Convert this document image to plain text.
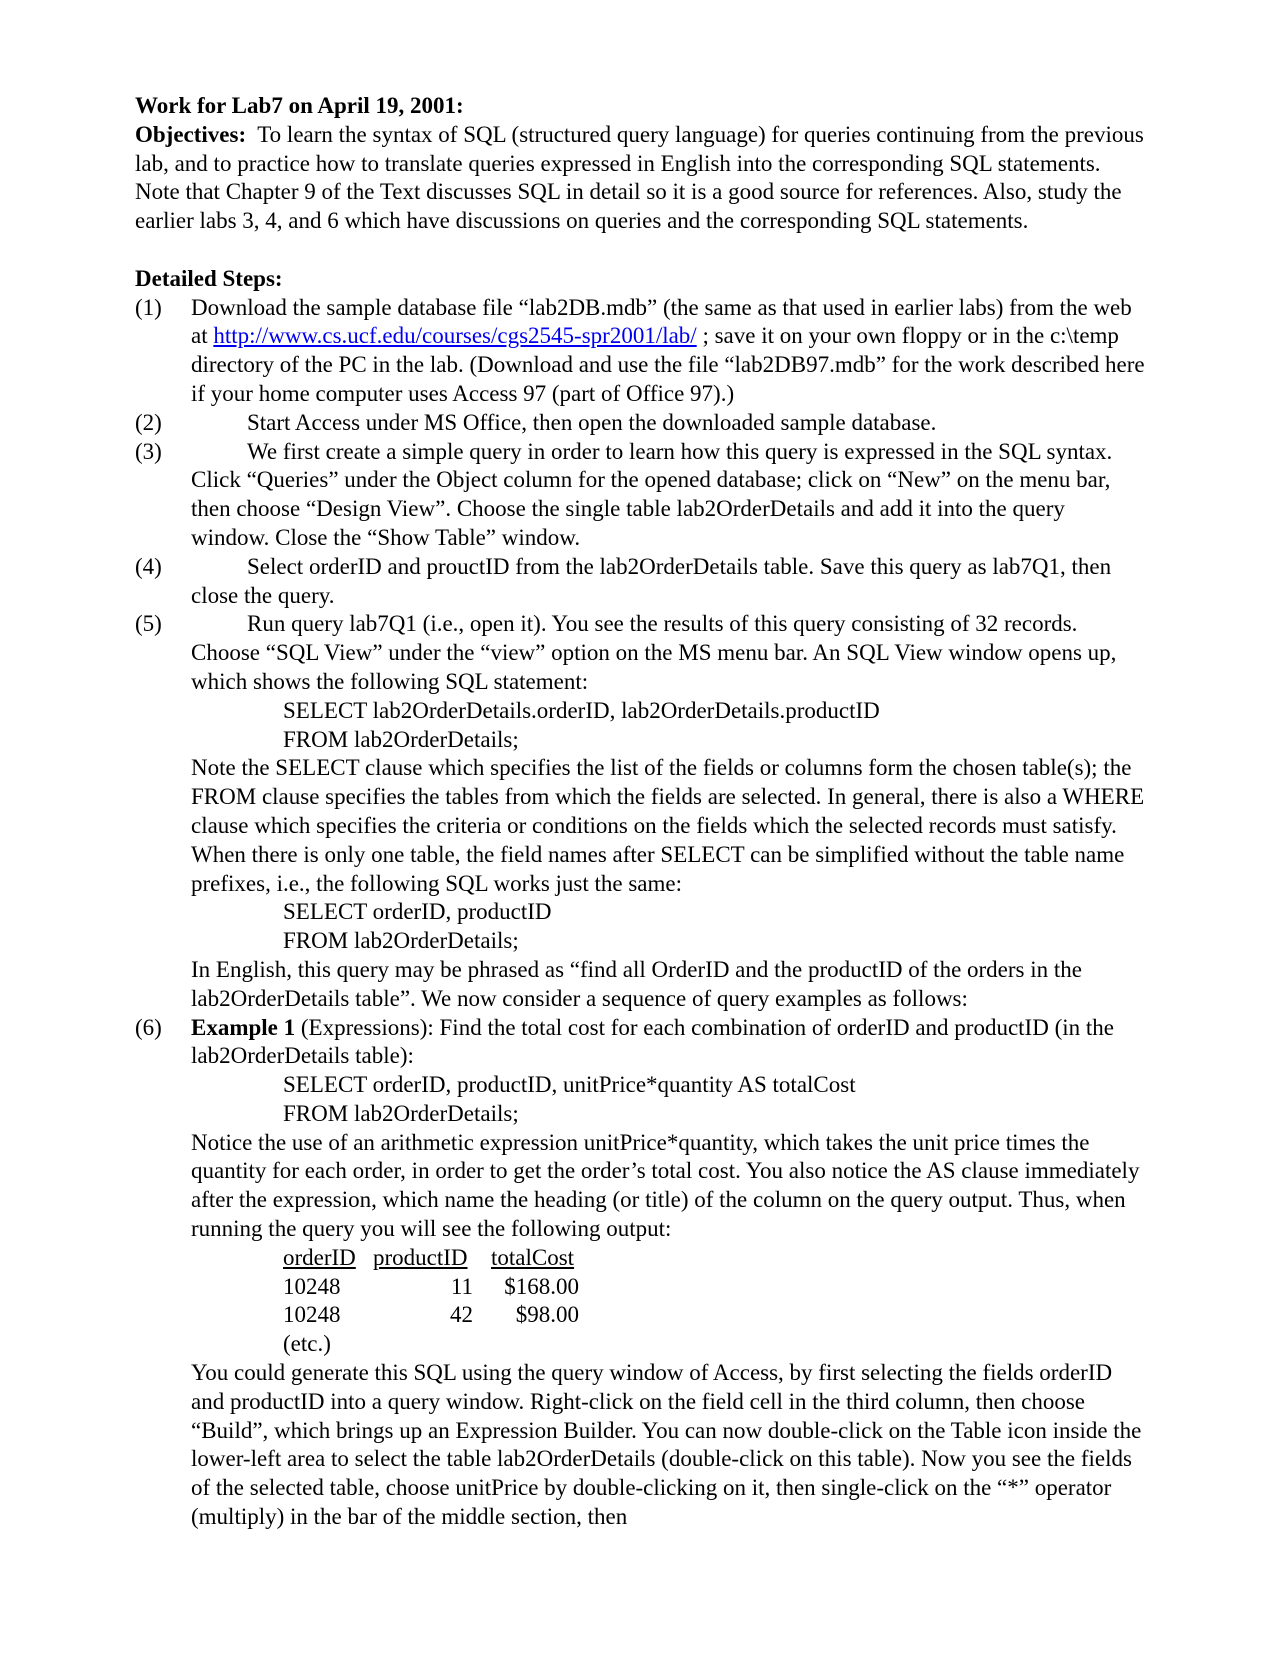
Work for Lab7 on April 19, 2001:

Objectives: To learn the syntax of SQL (structured query language) for queries continuing from the previous lab, and to practice how to translate queries expressed in English into the corresponding SQL statements. Note that Chapter 9 of the Text discusses SQL in detail so it is a good source for references. Also, study the earlier labs 3, 4, and 6 which have discussions on queries and the corresponding SQL statements.

Detailed Steps:
(1) Download the sample database file “lab2DB.mdb” (the same as that used in earlier labs) from the web at http://www.cs.ucf.edu/courses/cgs2545-spr2001/lab/ ; save it on your own floppy or in the c:\temp directory of the PC in the lab. (Download and use the file “lab2DB97.mdb” for the work described here if your home computer uses Access 97 (part of Office 97).)
(2)	Start Access under MS Office, then open the downloaded sample database.
(3)	We first create a simple query in order to learn how this query is expressed in the SQL syntax. Click “Queries” under the Object column for the opened database; click on “New” on the menu bar, then choose “Design View”. Choose the single table lab2OrderDetails and add it into the query window. Close the “Show Table” window.
(4)	Select orderID and prouctID from the lab2OrderDetails table. Save this query as lab7Q1, then close the query.
(5)	Run query lab7Q1 (i.e., open it). You see the results of this query consisting of 32 records. Choose “SQL View” under the “view” option on the MS menu bar. An SQL View window opens up, which shows the following SQL statement:
SELECT lab2OrderDetails.orderID, lab2OrderDetails.productID
FROM lab2OrderDetails;
Note the SELECT clause which specifies the list of the fields or columns form the chosen table(s); the FROM clause specifies the tables from which the fields are selected. In general, there is also a WHERE clause which specifies the criteria or conditions on the fields which the selected records must satisfy. When there is only one table, the field names after SELECT can be simplified without the table name prefixes, i.e., the following SQL works just the same:
SELECT orderID, productID
FROM lab2OrderDetails;
In English, this query may be phrased as “find all OrderID and the productID of the orders in the lab2OrderDetails table”. We now consider a sequence of query examples as follows:
(6) Example 1 (Expressions): Find the total cost for each combination of orderID and productID (in the lab2OrderDetails table):
SELECT orderID, productID, unitPrice*quantity AS totalCost
FROM lab2OrderDetails;
Notice the use of an arithmetic expression unitPrice*quantity, which takes the unit price times the quantity for each order, in order to get the order’s total cost. You also notice the AS clause immediately after the expression, which name the heading (or title) of the column on the query output. Thus, when running the query you will see the following output:
orderID	productID	totalCost
10248	11	$168.00
10248	42	$98.00
(etc.)
You could generate this SQL using the query window of Access, by first selecting the fields orderID and productID into a query window. Right-click on the field cell in the third column, then choose “Build”, which brings up an Expression Builder. You can now double-click on the Table icon inside the lower-left area to select the table lab2OrderDetails (double-click on this table). Now you see the fields of the selected table, choose unitPrice by double-clicking on it, then single-click on the “*” operator (multiply) in the bar of the middle section, then
